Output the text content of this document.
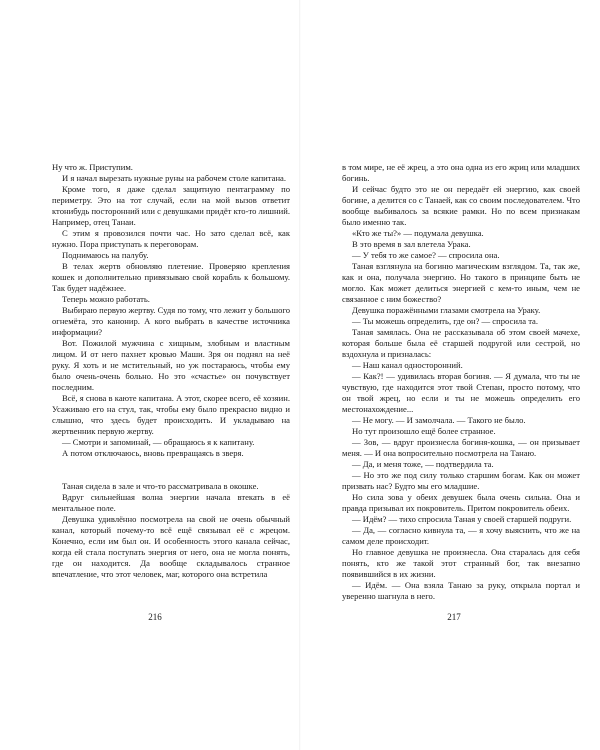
Ну что ж. Приступим.

И я начал вырезать нужные руны на рабочем столе капитана.

Кроме того, я даже сделал защитную пентаграмму по периметру. Это на тот случай, если на мой вызов ответит ктонибудь посторонний или с девушками придёт кто-то лишний. Например, отец Танаи.

С этим я провозился почти час. Но зато сделал всё, как нужно. Пора приступать к переговорам.

Поднимаюсь на палубу.

В телах жертв обновляю плетение. Проверяю крепления кошек и дополнительно привязываю свой корабль к большому. Так будет надёжнее.

Теперь можно работать.

Выбираю первую жертву. Судя по тому, что лежит у большого огнемёта, это канонир. А кого выбрать в качестве источника информации?

Вот. Пожилой мужчина с хищным, злобным и властным лицом. И от него пахнет кровью Маши. Зря он поднял на неё руку. Я хоть и не мстительный, но уж постараюсь, чтобы ему было очень-очень больно. Но это «счастье» он почувствует последним.

Всё, я снова в каюте капитана. А этот, скорее всего, её хозяин. Усаживаю его на стул, так, чтобы ему было прекрасно видно и слышно, что здесь будет происходить. И укладываю на жертвенник первую жертву.

— Смотри и запоминай, — обращаюсь я к капитану.

А потом отключаюсь, вновь превращаясь в зверя.

Таная сидела в зале и что-то рассматривала в окошке.

Вдруг сильнейшая волна энергии начала втекать в её ментальное поле.

Девушка удивлённо посмотрела на свой не очень обычный канал, который почему-то всё ещё связывал её с жрецом. Конечно, если им был он. И особенность этого канала сейчас, когда ей стала поступать энергия от него, она не могла понять, где он находится. Да вообще складывалось странное впечатление, что этот человек, маг, которого она встретила

в том мире, не её жрец, а это она одна из его жриц или младших богинь.

И сейчас будто это не он передаёт ей энергию, как своей богине, а делится со с Танаей, как со своим последователем. Что вообще выбивалось за всякие рамки. Но по всем признакам было именно так.

«Кто же ты?» — подумала девушка.

В это время в зал влетела Урака.

— У тебя то же самое? — спросила она.

Таная взглянула на богиню магическим взглядом. Та, так же, как и она, получала энергию. Но такого в принципе быть не могло. Как может делиться энергией с кем-то иным, чем не связанное с ним божество?

Девушка поражёнными глазами смотрела на Ураку.

— Ты можешь определить, где он? — спросила та.

Таная замялась. Она не рассказывала об этом своей мачехе, которая больше была её старшей подругой или сестрой, но вздохнула и призналась:

— Наш канал односторонний.

— Как?! — удивилась вторая богиня. — Я думала, что ты не чувствую, где находится этот твой Степан, просто потому, что он твой жрец, но если и ты не можешь определить его местонахождение...

— Не могу. — И замолчала. — Такого не было.

Но тут произошло ещё более странное.

— Зов, — вдруг произнесла богиня-кошка, — он призывает меня. — И она вопросительно посмотрела на Танаю.

— Да, и меня тоже, — подтвердила та.

— Но это же под силу только старшим богам. Как он может призвать нас? Будто мы его младшие.

Но сила зова у обеих девушек была очень сильна. Она и правда призывал их покровитель. Притом покровитель обеих.

— Идём? — тихо спросила Таная у своей старшей подруги.

— Да, — согласно кивнула та, — я хочу выяснить, что же на самом деле происходит.

Но главное девушка не произнесла. Она старалась для себя понять, кто же такой этот странный бог, так внезапно появившийся в их жизни.

— Идём. — Она взяла Танаю за руку, открыла портал и уверенно шагнула в него.

216	217
